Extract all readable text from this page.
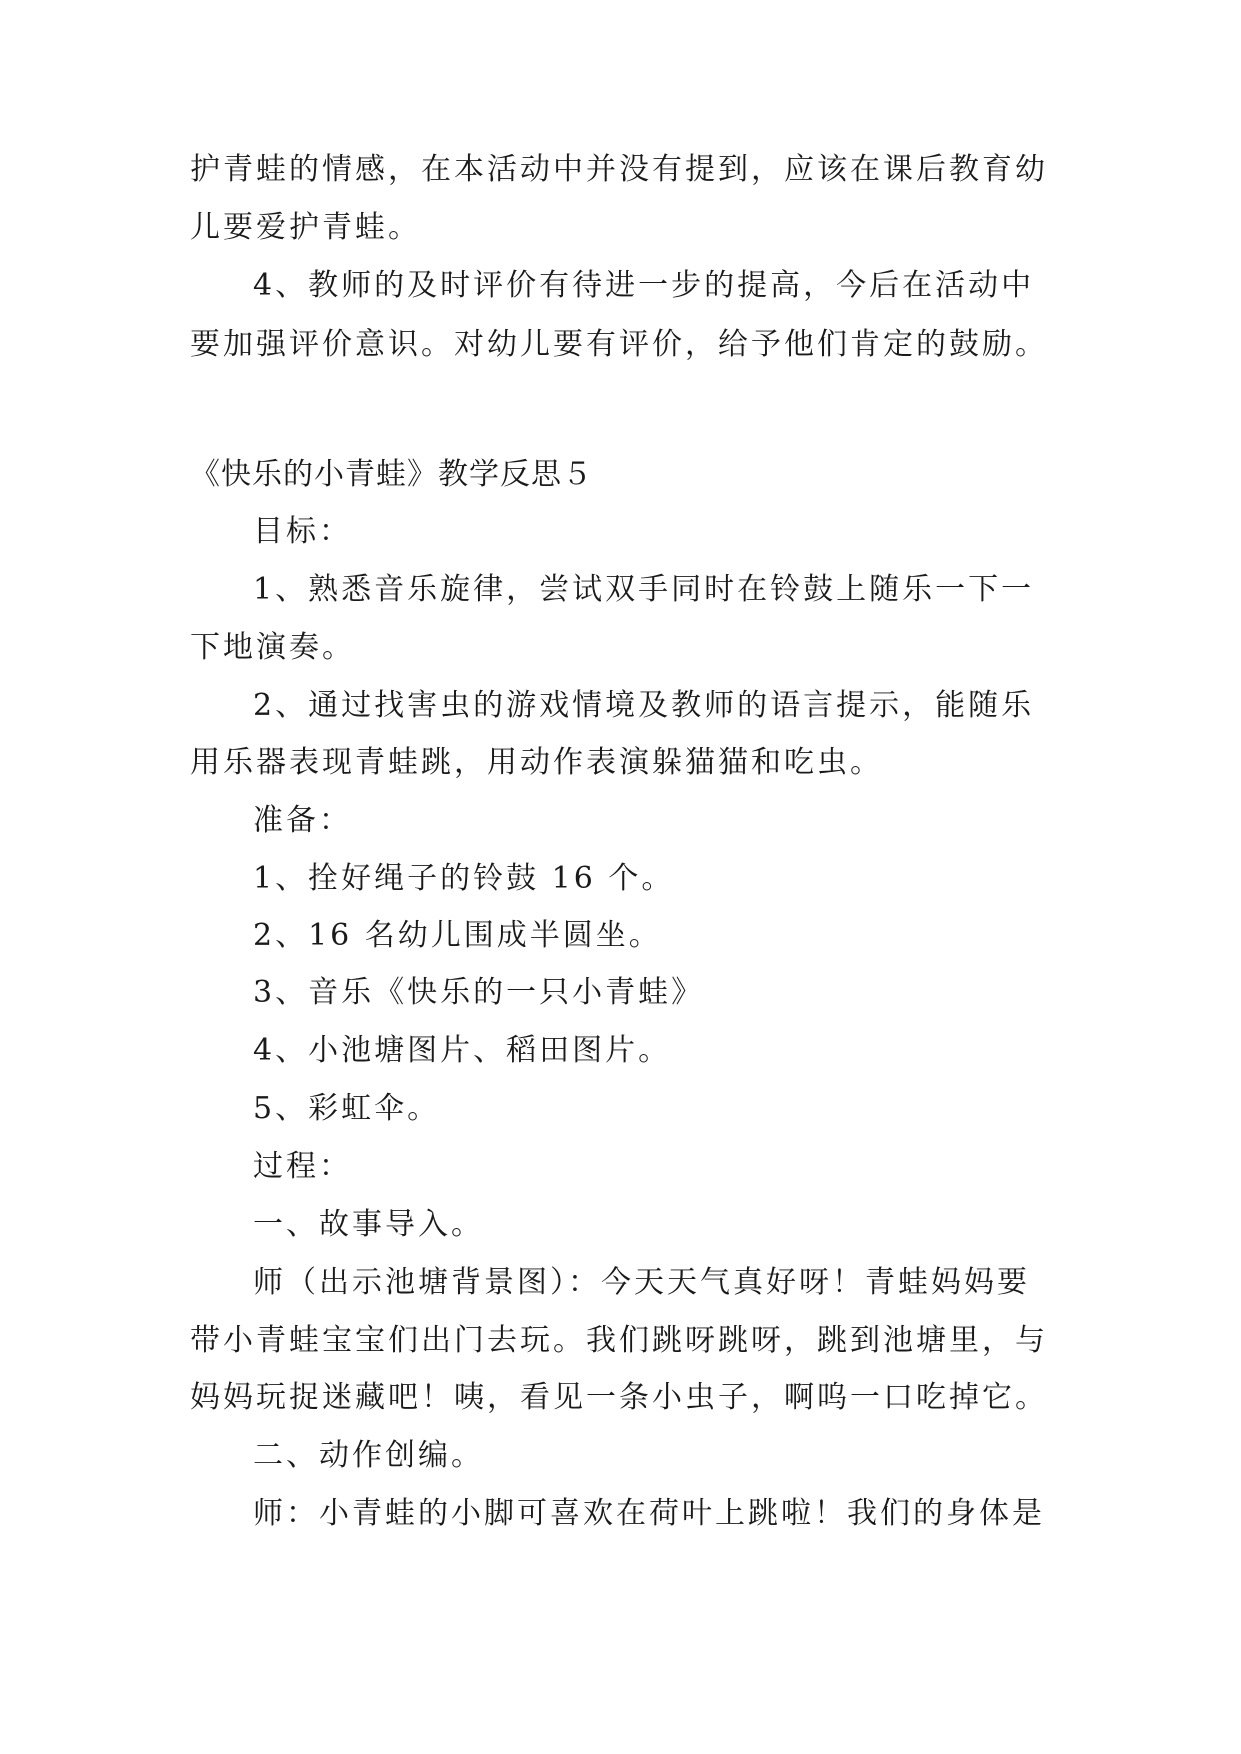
护青蛙的情感，在本活动中并没有提到，应该在课后教育幼
儿要爱护青蛙。
4、教师的及时评价有待进一步的提高，今后在活动中
要加强评价意识。对幼儿要有评价，给予他们肯定的鼓励。
《快乐的小青蛙》教学反思５
目标：
1、熟悉音乐旋律，尝试双手同时在铃鼓上随乐一下一
下地演奏。
2、通过找害虫的游戏情境及教师的语言提示，能随乐
用乐器表现青蛙跳，用动作表演躲猫猫和吃虫。
准备：
1、拴好绳子的铃鼓 16 个。
2、16 名幼儿围成半圆坐。
3、音乐《快乐的一只小青蛙》
4、小池塘图片、稻田图片。
5、彩虹伞。
过程：
一、故事导入。
师（出示池塘背景图）：今天天气真好呀！青蛙妈妈要
带小青蛙宝宝们出门去玩。我们跳呀跳呀，跳到池塘里，与
妈妈玩捉迷藏吧！咦，看见一条小虫子，啊呜一口吃掉它。
二、动作创编。
师：小青蛙的小脚可喜欢在荷叶上跳啦！我们的身体是
